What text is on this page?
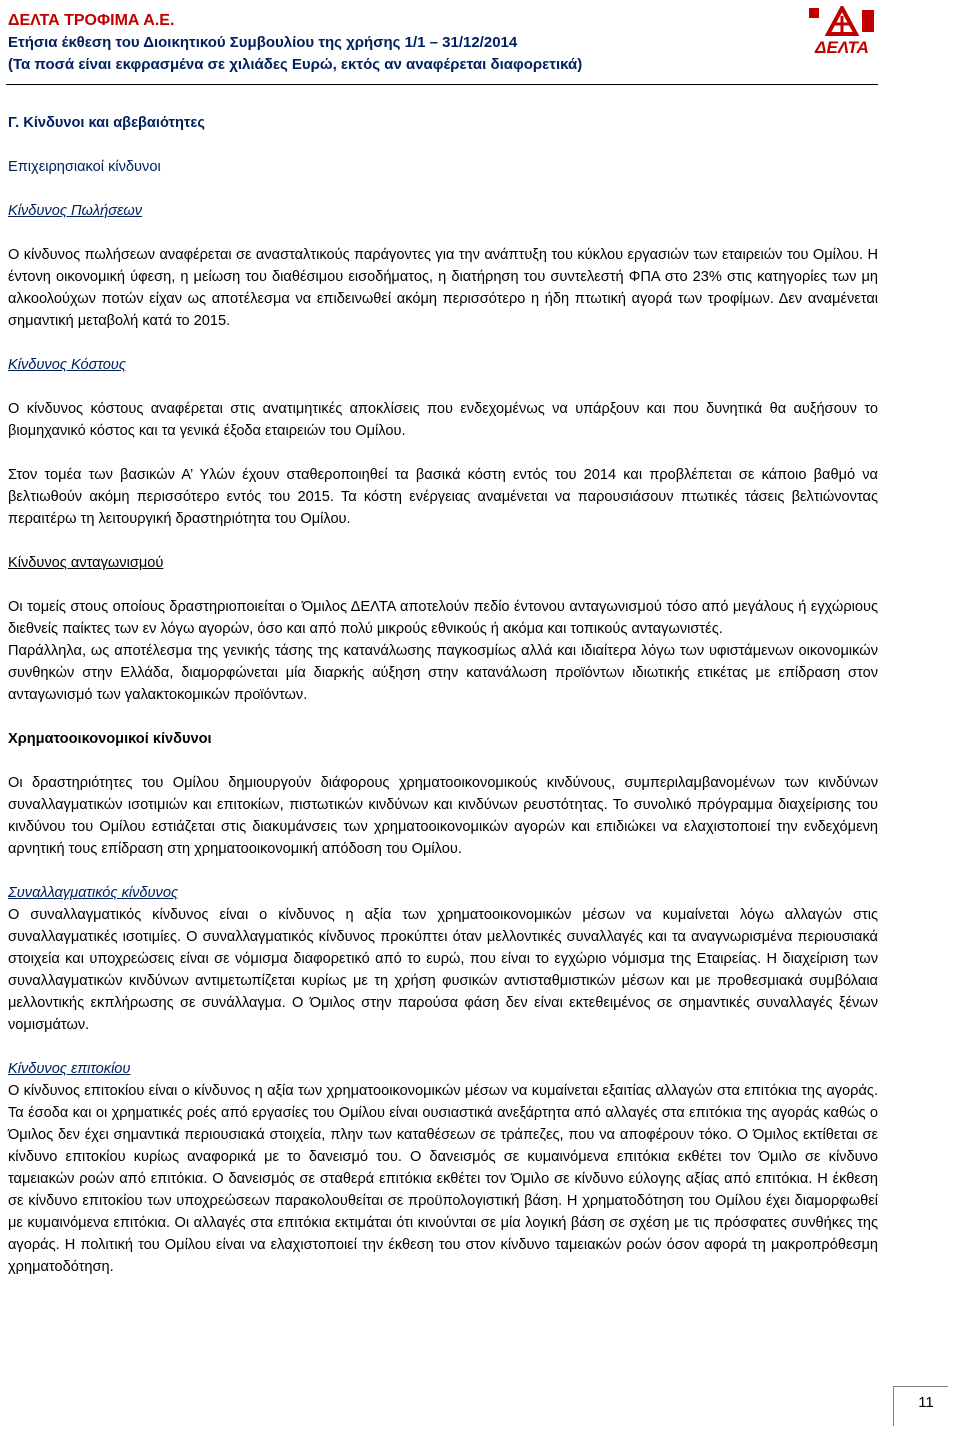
ΔΕΛΤΑ ΤΡΟΦΙΜΑ Α.Ε.
Ετήσια έκθεση του Διοικητικού Συμβουλίου της χρήσης 1/1 – 31/12/2014
(Τα ποσά είναι εκφρασμένα σε χιλιάδες Ευρώ, εκτός αν αναφέρεται διαφορετικά)
ΔΕΛΤΑ

Γ. Κίνδυνοι και αβεβαιότητες

Επιχειρησιακοί κίνδυνοι

Κίνδυνος Πωλήσεων

Ο κίνδυνος πωλήσεων αναφέρεται σε ανασταλτικούς παράγοντες για την ανάπτυξη του κύκλου εργασιών των εταιρειών του Ομίλου. Η έντονη οικονομική ύφεση, η μείωση του διαθέσιμου εισοδήματος, η διατήρηση του συντελεστή ΦΠΑ στο 23% στις κατηγορίες των μη αλκοολούχων ποτών είχαν ως αποτέλεσμα να επιδεινωθεί ακόμη περισσότερο η ήδη πτωτική αγορά των τροφίμων. Δεν αναμένεται σημαντική μεταβολή κατά το 2015.

Κίνδυνος Κόστους

Ο κίνδυνος κόστους αναφέρεται στις ανατιμητικές αποκλίσεις που ενδεχομένως να υπάρξουν και που δυνητικά θα αυξήσουν το βιομηχανικό κόστος και τα γενικά έξοδα εταιρειών του Ομίλου.

Στον τομέα των βασικών Α’ Υλών έχουν σταθεροποιηθεί τα βασικά κόστη εντός του 2014 και προβλέπεται σε κάποιο βαθμό να βελτιωθούν ακόμη περισσότερο εντός του 2015. Τα κόστη ενέργειας αναμένεται να παρουσιάσουν πτωτικές τάσεις βελτιώνοντας περαιτέρω τη λειτουργική δραστηριότητα του Ομίλου.

Κίνδυνος ανταγωνισμού

Οι τομείς στους οποίους δραστηριοποιείται ο Όμιλος ΔΕΛΤΑ αποτελούν πεδίο έντονου ανταγωνισμού τόσο από μεγάλους ή εγχώριους διεθνείς παίκτες των εν λόγω αγορών, όσο και από πολύ μικρούς εθνικούς ή ακόμα και τοπικούς ανταγωνιστές.

Παράλληλα, ως αποτέλεσμα της γενικής τάσης της κατανάλωσης παγκοσμίως αλλά και ιδιαίτερα λόγω των υφιστάμενων οικονομικών συνθηκών στην Ελλάδα, διαμορφώνεται μία διαρκής αύξηση στην κατανάλωση προϊόντων ιδιωτικής ετικέτας με επίδραση στον ανταγωνισμό των γαλακτοκομικών προϊόντων.

Χρηματοοικονομικοί κίνδυνοι

Οι δραστηριότητες του Ομίλου δημιουργούν διάφορους χρηματοοικονομικούς κινδύνους, συμπεριλαμβανομένων των κινδύνων συναλλαγματικών ισοτιμιών και επιτοκίων, πιστωτικών κινδύνων και κινδύνων ρευστότητας. Το συνολικό πρόγραμμα διαχείρισης του κινδύνου του Ομίλου εστιάζεται στις διακυμάνσεις των χρηματοοικονομικών αγορών και επιδιώκει να ελαχιστοποιεί την ενδεχόμενη αρνητική τους επίδραση στη χρηματοοικονομική απόδοση του Ομίλου.

Συναλλαγματικός κίνδυνος

Ο συναλλαγματικός κίνδυνος είναι ο κίνδυνος η αξία των χρηματοοικονομικών μέσων να κυμαίνεται λόγω αλλαγών στις συναλλαγματικές ισοτιμίες. Ο συναλλαγματικός κίνδυνος προκύπτει όταν μελλοντικές συναλλαγές και τα αναγνωρισμένα περιουσιακά στοιχεία και υποχρεώσεις είναι σε νόμισμα διαφορετικό από το ευρώ, που είναι το εγχώριο νόμισμα της Εταιρείας. Η διαχείριση των συναλλαγματικών κινδύνων αντιμετωπίζεται κυρίως με τη χρήση φυσικών αντισταθμιστικών μέσων και με προθεσμιακά συμβόλαια μελλοντικής εκπλήρωσης σε συνάλλαγμα. Ο Όμιλος στην παρούσα φάση δεν είναι εκτεθειμένος σε σημαντικές συναλλαγές ξένων νομισμάτων.

Κίνδυνος επιτοκίου

Ο κίνδυνος επιτοκίου είναι ο κίνδυνος η αξία των χρηματοοικονομικών μέσων να κυμαίνεται εξαιτίας αλλαγών στα επιτόκια της αγοράς. Τα έσοδα και οι χρηματικές ροές από εργασίες του Ομίλου είναι ουσιαστικά ανεξάρτητα από αλλαγές στα επιτόκια της αγοράς καθώς ο Όμιλος δεν έχει σημαντικά περιουσιακά στοιχεία, πλην των καταθέσεων σε τράπεζες, που να αποφέρουν τόκο. Ο Όμιλος εκτίθεται σε κίνδυνο επιτοκίου κυρίως αναφορικά με το δανεισμό του. Ο δανεισμός σε κυμαινόμενα επιτόκια εκθέτει τον Όμιλο σε κίνδυνο ταμειακών ροών από επιτόκια. Ο δανεισμός σε σταθερά επιτόκια εκθέτει τον Όμιλο σε κίνδυνο εύλογης αξίας από επιτόκια. Η έκθεση σε κίνδυνο επιτοκίου των υποχρεώσεων παρακολουθείται σε προϋπολογιστική βάση. Η χρηματοδότηση του Ομίλου έχει διαμορφωθεί με κυμαινόμενα επιτόκια. Οι αλλαγές στα επιτόκια εκτιμάται ότι κινούνται σε μία λογική βάση σε σχέση με τις πρόσφατες συνθήκες της αγοράς. Η πολιτική του Ομίλου είναι να ελαχιστοποιεί την έκθεση του στον κίνδυνο ταμειακών ροών όσον αφορά τη μακροπρόθεσμη χρηματοδότηση.

11
